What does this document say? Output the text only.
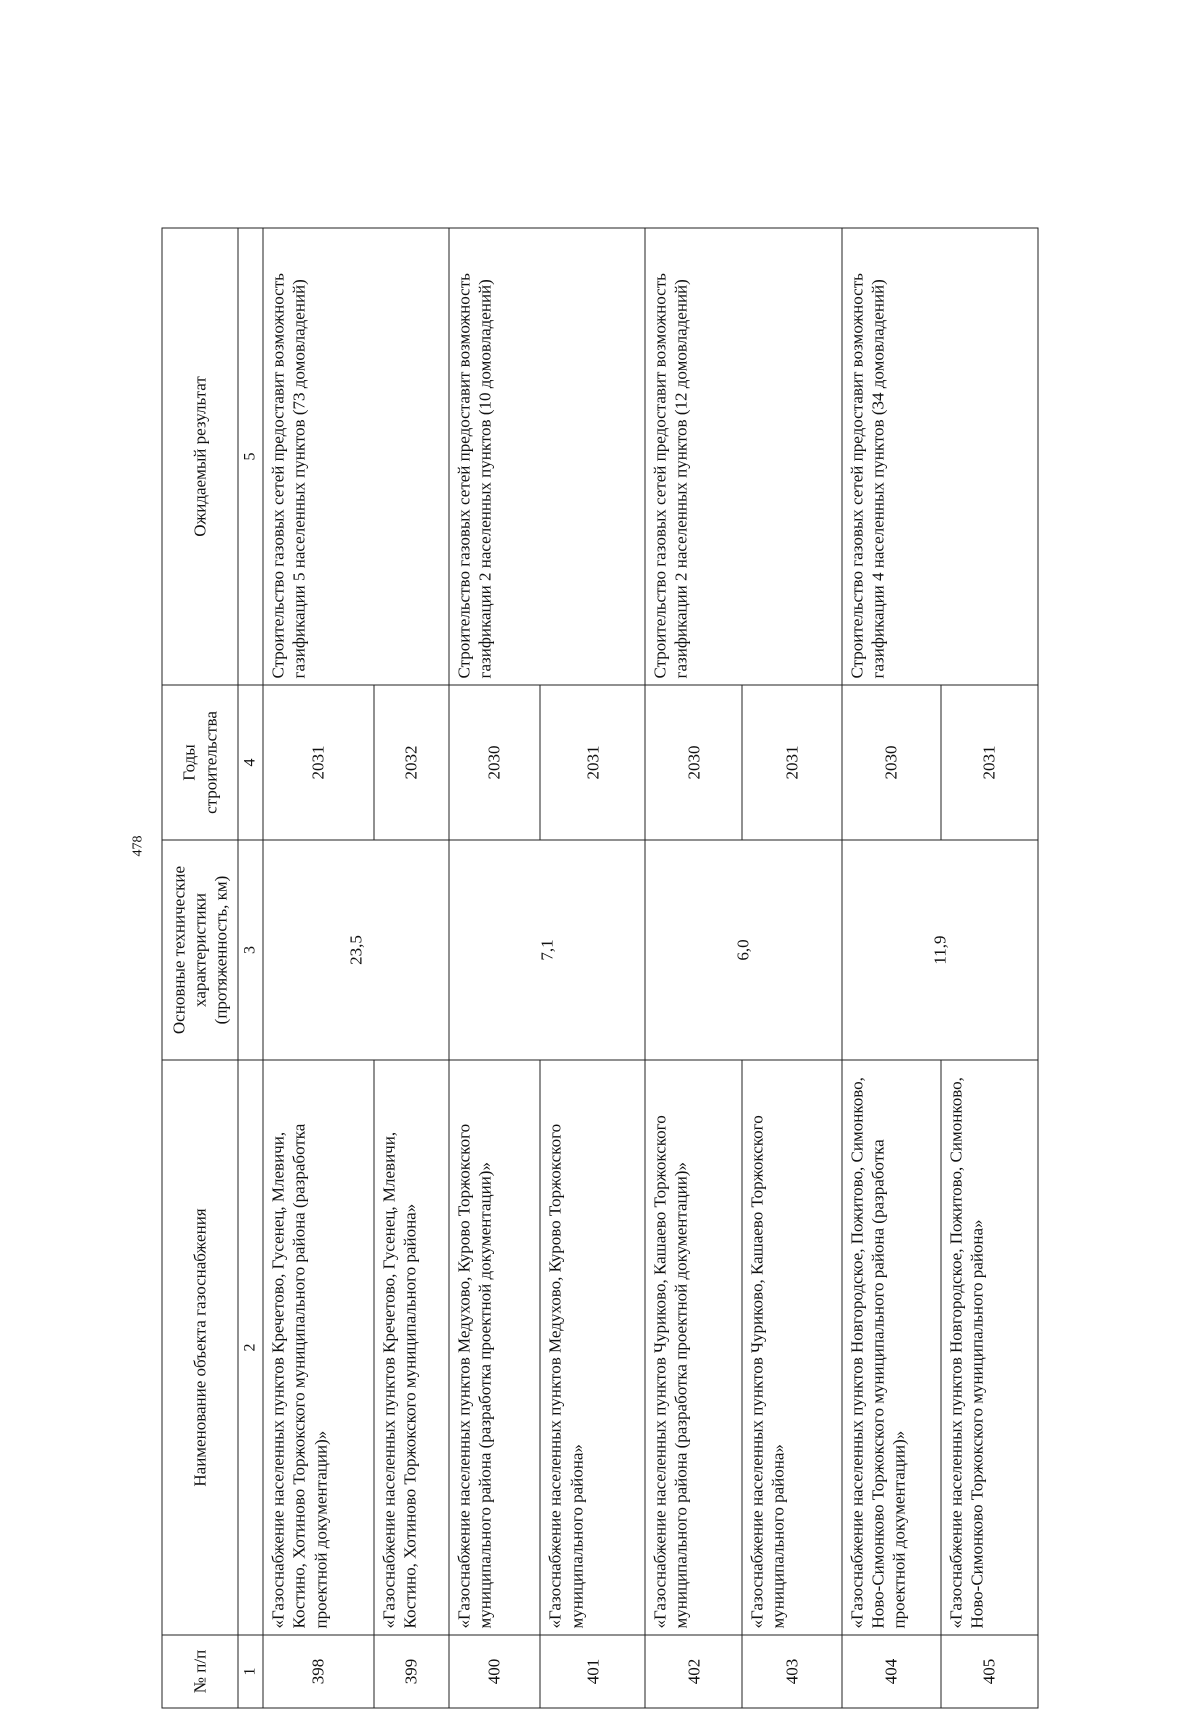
478
№ п/п	Наименование объекта газоснабжения	Основные технические характеристики (протяженность, км)	Годы строительства	Ожидаемый результат
1	2	3	4	5
398	«Газоснабжение населенных пунктов Кречетово, Гусенец, Млевичи, Костино, Хотиново Торжокского муниципального района (разработка проектной документации)»	23,5	2031	Строительство газовых сетей предоставит возможность газификации 5 населенных пунктов (73 домовладений)
399	«Газоснабжение населенных пунктов Кречетово, Гусенец, Млевичи, Костино, Хотиново Торжокского муниципального района»		2032	
400	«Газоснабжение населенных пунктов Медухово, Курово Торжокского муниципального района (разработка проектной документации)»	7,1	2030	Строительство газовых сетей предоставит возможность газификации 2 населенных пунктов (10 домовладений)
401	«Газоснабжение населенных пунктов Медухово, Курово Торжокского муниципального района»		2031	
402	«Газоснабжение населенных пунктов Чуриково, Кашаево Торжокского муниципального района (разработка проектной документации)»	6,0	2030	Строительство газовых сетей предоставит возможность газификации 2 населенных пунктов (12 домовладений)
403	«Газоснабжение населенных пунктов Чуриково, Кашаево Торжокского муниципального района»		2031	
404	«Газоснабжение населенных пунктов Новгородское, Пожитово, Симонково, Ново-Симонково Торжокского муниципального района (разработка проектной документации)»	11,9	2030	Строительство газовых сетей предоставит возможность газификации 4 населенных пунктов (34 домовладений)
405	«Газоснабжение населенных пунктов Новгородское, Пожитово, Симонково, Ново-Симонково Торжокского муниципального района»		2031	
